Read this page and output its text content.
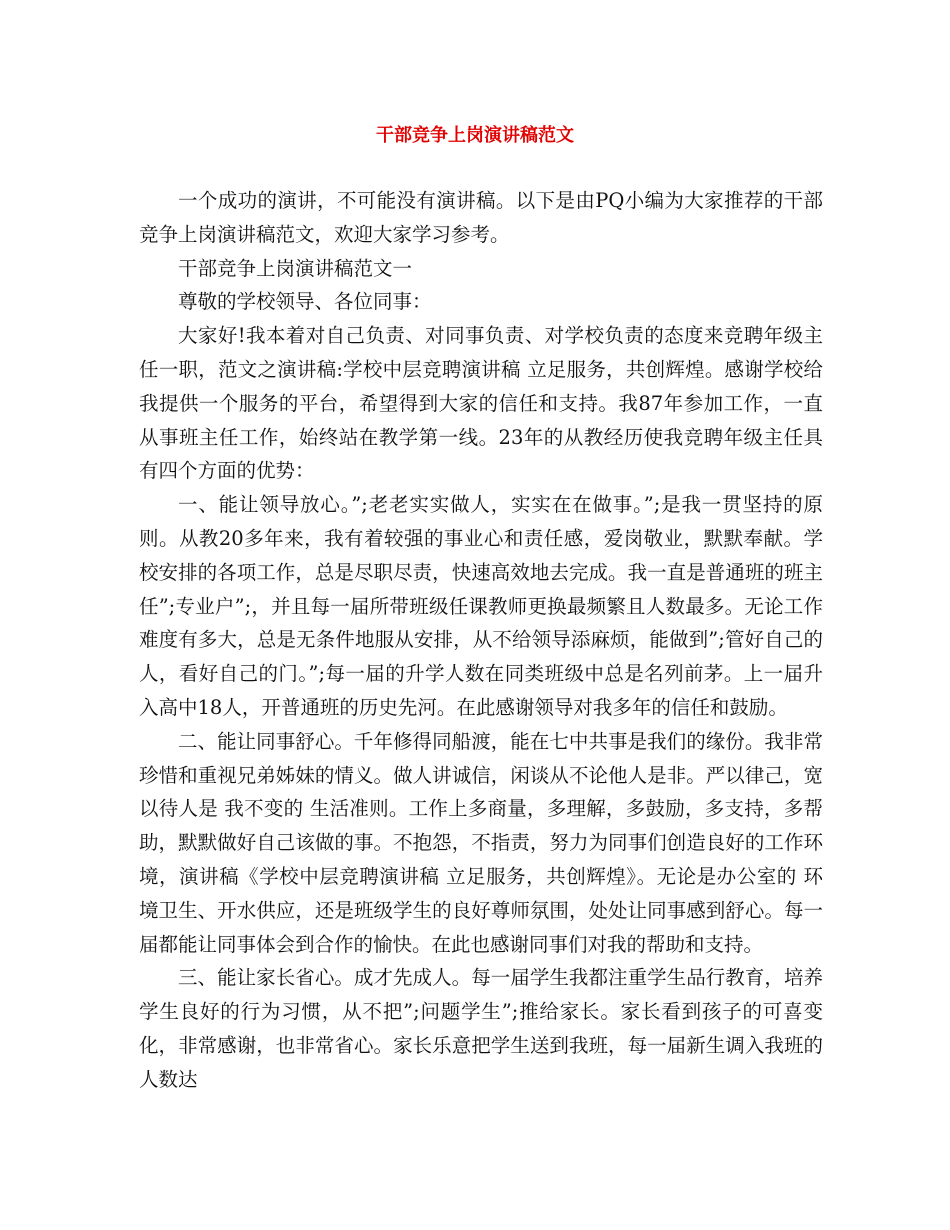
干部竞争上岗演讲稿范文

一个成功的演讲，不可能没有演讲稿。以下是由PQ小编为大家推荐的干部竞争上岗演讲稿范文，欢迎大家学习参考。

干部竞争上岗演讲稿范文一

尊敬的学校领导、各位同事：

大家好!我本着对自己负责、对同事负责、对学校负责的态度来竞聘年级主任一职，范文之演讲稿:学校中层竞聘演讲稿 立足服务，共创辉煌。感谢学校给我提供一个服务的平台，希望得到大家的信任和支持。我87年参加工作，一直从事班主任工作，始终站在教学第一线。23年的从教经历使我竞聘年级主任具有四个方面的优势：

一、能让领导放心。”;老老实实做人，实实在在做事。”;是我一贯坚持的原则。从教20多年来，我有着较强的事业心和责任感，爱岗敬业，默默奉献。学校安排的各项工作，总是尽职尽责，快速高效地去完成。我一直是普通班的班主任”;专业户”;，并且每一届所带班级任课教师更换最频繁且人数最多。无论工作难度有多大，总是无条件地服从安排，从不给领导添麻烦，能做到”;管好自己的人，看好自己的门。”;每一届的升学人数在同类班级中总是名列前茅。上一届升入高中18人，开普通班的历史先河。在此感谢领导对我多年的信任和鼓励。

二、能让同事舒心。千年修得同船渡，能在七中共事是我们的缘份。我非常珍惜和重视兄弟姊妹的情义。做人讲诚信，闲谈从不论他人是非。严以律己，宽以待人是 我不变的 生活准则。工作上多商量，多理解，多鼓励，多支持，多帮助，默默做好自己该做的事。不抱怨，不指责，努力为同事们创造良好的工作环境，演讲稿《学校中层竞聘演讲稿 立足服务，共创辉煌》。无论是办公室的 环境卫生、开水供应，还是班级学生的良好尊师氛围，处处让同事感到舒心。每一届都能让同事体会到合作的愉快。在此也感谢同事们对我的帮助和支持。

三、能让家长省心。成才先成人。每一届学生我都注重学生品行教育，培养学生良好的行为习惯，从不把”;问题学生”;推给家长。家长看到孩子的可喜变化，非常感谢，也非常省心。家长乐意把学生送到我班，每一届新生调入我班的人数达
